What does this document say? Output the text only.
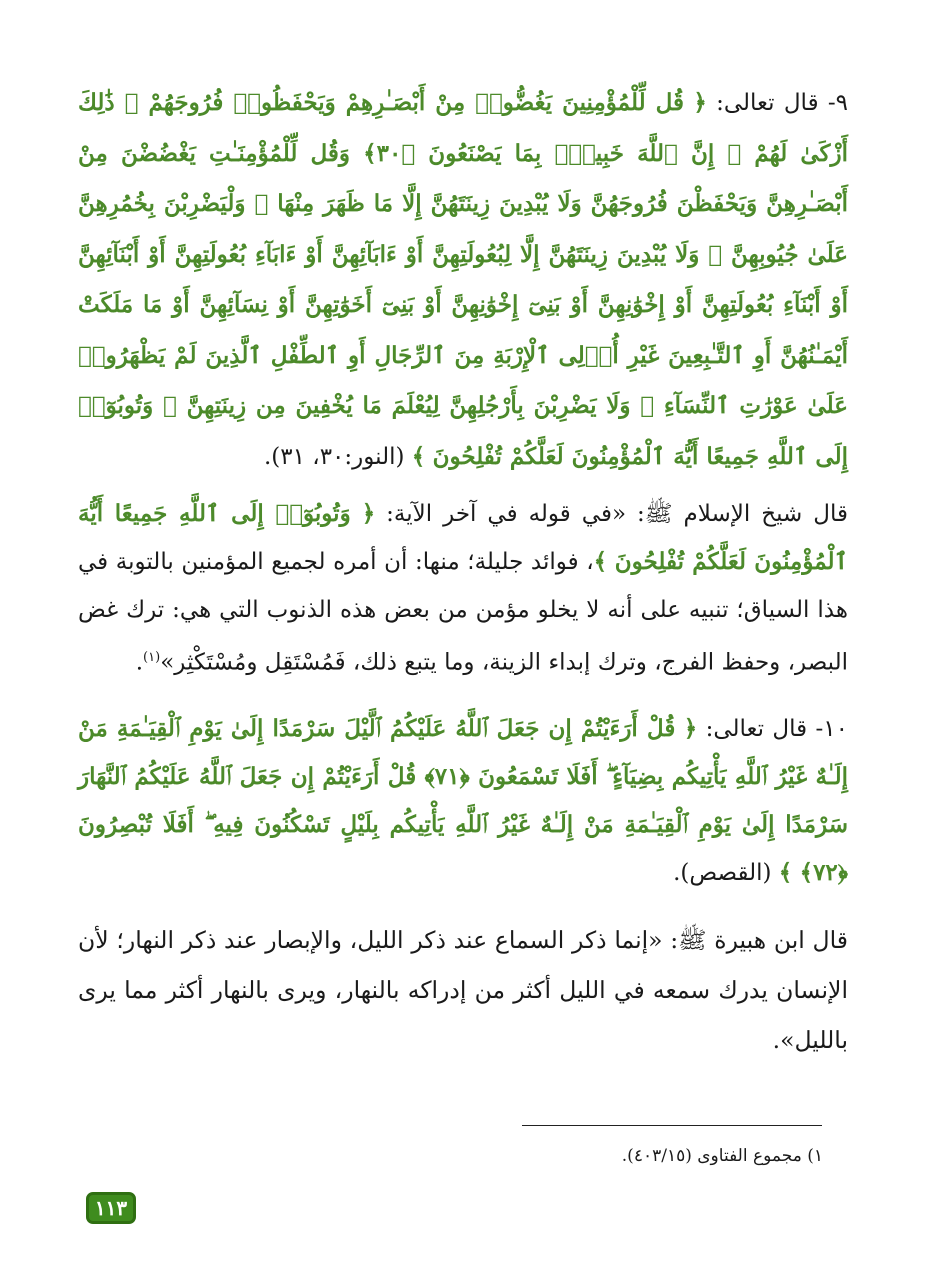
٩- قال تعالى: ﴿ قُل لِّلْمُؤْمِنِينَ يَغُضُّوا۟ مِنْ أَبْصَـٰرِهِمْ وَيَحْفَظُوا۟ فُرُوجَهُمْ ۚ ذَٰلِكَ أَزْكَىٰ لَهُمْ ۗ إِنَّ ٱللَّهَ خَبِيرٌۢ بِمَا يَصْنَعُونَ ﴿٣٠﴾ وَقُل لِّلْمُؤْمِنَـٰتِ يَغْضُضْنَ مِنْ أَبْصَـٰرِهِنَّ وَيَحْفَظْنَ فُرُوجَهُنَّ وَلَا يُبْدِينَ زِينَتَهُنَّ إِلَّا مَا ظَهَرَ مِنْهَا ۖ وَلْيَضْرِبْنَ بِخُمُرِهِنَّ عَلَىٰ جُيُوبِهِنَّ ۖ وَلَا يُبْدِينَ زِينَتَهُنَّ إِلَّا لِبُعُولَتِهِنَّ أَوْ ءَابَآئِهِنَّ أَوْ ءَابَآءِ بُعُولَتِهِنَّ أَوْ أَبْنَآئِهِنَّ أَوْ أَبْنَآءِ بُعُولَتِهِنَّ أَوْ إِخْوَٰنِهِنَّ أَوْ بَنِىٓ إِخْوَٰنِهِنَّ أَوْ بَنِىٓ أَخَوَٰتِهِنَّ أَوْ نِسَآئِهِنَّ أَوْ مَا مَلَكَتْ أَيْمَـٰنُهُنَّ أَوِ ٱلتَّـٰبِعِينَ غَيْرِ أُو۟لِى ٱلْإِرْبَةِ مِنَ ٱلرِّجَالِ أَوِ ٱلطِّفْلِ ٱلَّذِينَ لَمْ يَظْهَرُوا۟ عَلَىٰ عَوْرَٰتِ ٱلنِّسَآءِ ۖ وَلَا يَضْرِبْنَ بِأَرْجُلِهِنَّ لِيُعْلَمَ مَا يُخْفِينَ مِن زِينَتِهِنَّ ۚ وَتُوبُوٓا۟ إِلَى ٱللَّهِ جَمِيعًا أَيُّهَ ٱلْمُؤْمِنُونَ لَعَلَّكُمْ تُفْلِحُونَ ﴾ (النور:٣٠، ٣١).

قال شيخ الإسلام ﷺ: «في قوله في آخر الآية: ﴿ وَتُوبُوٓا۟ إِلَى ٱللَّهِ جَمِيعًا أَيُّهَ ٱلْمُؤْمِنُونَ لَعَلَّكُمْ تُفْلِحُونَ ﴾، فوائد جليلة؛ منها: أن أمره لجميع المؤمنين بالتوبة في هذا السياق؛ تنبيه على أنه لا يخلو مؤمن من بعض هذه الذنوب التي هي: ترك غض البصر، وحفظ الفرج، وترك إبداء الزينة، وما يتبع ذلك، فَمُسْتَقِل ومُسْتَكْثِر»$^{(١)}$.

١٠- قال تعالى: ﴿ قُلْ أَرَءَيْتُمْ إِن جَعَلَ ٱللَّهُ عَلَيْكُمُ ٱلَّيْلَ سَرْمَدًا إِلَىٰ يَوْمِ ٱلْقِيَـٰمَةِ مَنْ إِلَـٰهٌ غَيْرُ ٱللَّهِ يَأْتِيكُم بِضِيَآءٍ ۖ أَفَلَا تَسْمَعُونَ ﴿٧١﴾ قُلْ أَرَءَيْتُمْ إِن جَعَلَ ٱللَّهُ عَلَيْكُمُ ٱلنَّهَارَ سَرْمَدًا إِلَىٰ يَوْمِ ٱلْقِيَـٰمَةِ مَنْ إِلَـٰهٌ غَيْرُ ٱللَّهِ يَأْتِيكُم بِلَيْلٍ تَسْكُنُونَ فِيهِ ۖ أَفَلَا تُبْصِرُونَ ﴿٧٢﴾ ﴾ (القصص).

قال ابن هبيرة ﷺ: «إنما ذكر السماع عند ذكر الليل، والإبصار عند ذكر النهار؛ لأن الإنسان يدرك سمعه في الليل أكثر من إدراكه بالنهار، ويرى بالنهار أكثر مما يرى بالليل».

١) مجموع الفتاوى (٤٠٣/١٥).
١١٣
